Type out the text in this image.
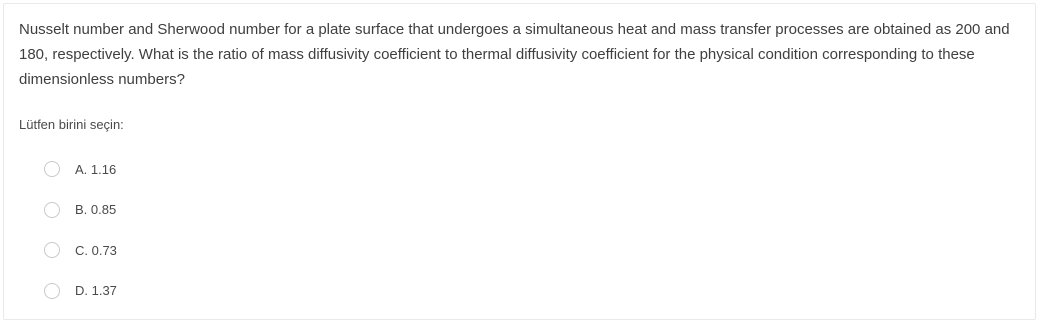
Nusselt number and Sherwood number for a plate surface that undergoes a simultaneous heat and mass transfer processes are obtained as 200 and 180, respectively. What is the ratio of mass diffusivity coefficient to thermal diffusivity coefficient for the physical condition corresponding to these dimensionless numbers?

Lütfen birini seçin:

A. 1.16
B. 0.85
C. 0.73
D. 1.37
